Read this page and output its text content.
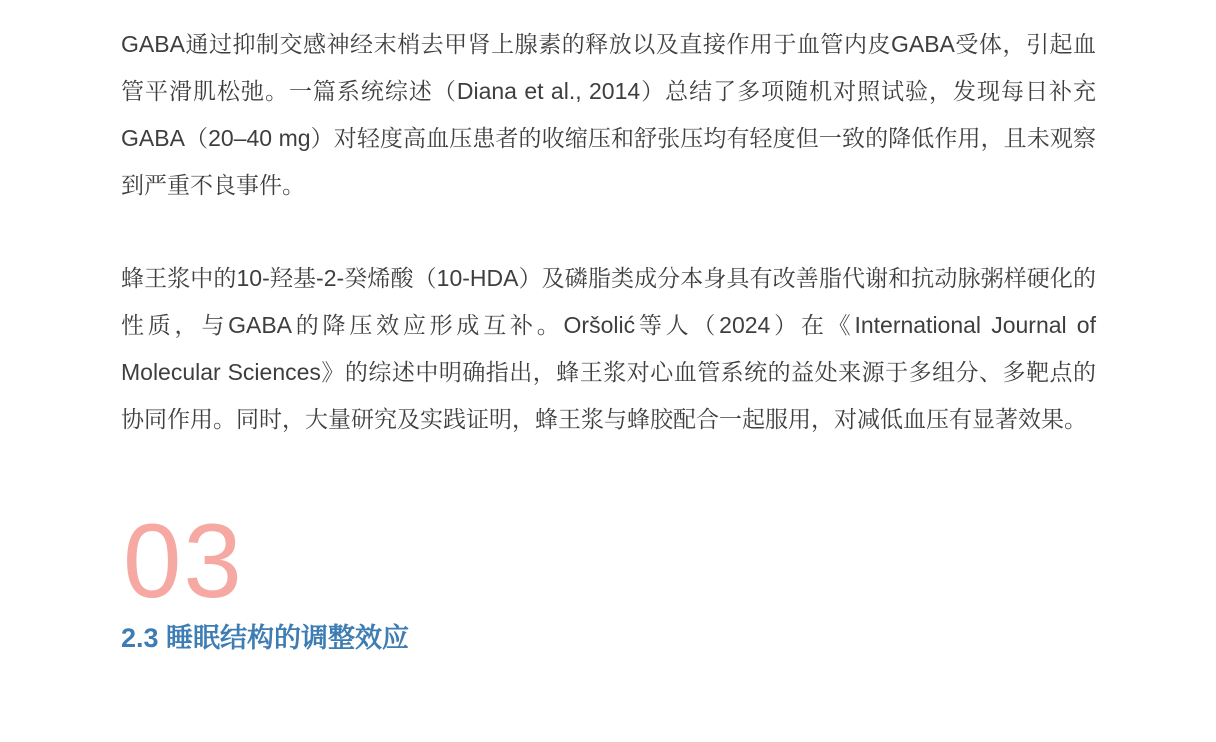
GABA通过抑制交感神经末梢去甲肾上腺素的释放以及直接作用于血管内皮GABA受体，引起血管平滑肌松弛。一篇系统综述（Diana et al., 2014）总结了多项随机对照试验，发现每日补充GABA（20–40 mg）对轻度高血压患者的收缩压和舒张压均有轻度但一致的降低作用，且未观察到严重不良事件。

蜂王浆中的10-羟基-2-癸烯酸（10-HDA）及磷脂类成分本身具有改善脂代谢和抗动脉粥样硬化的性质，与GABA的降压效应形成互补。Oršolić等人（2024）在《International Journal of Molecular Sciences》的综述中明确指出，蜂王浆对心血管系统的益处来源于多组分、多靶点的协同作用。同时，大量研究及实践证明，蜂王浆与蜂胶配合一起服用，对减低血压有显著效果。

03
2.3 睡眠结构的调整效应
